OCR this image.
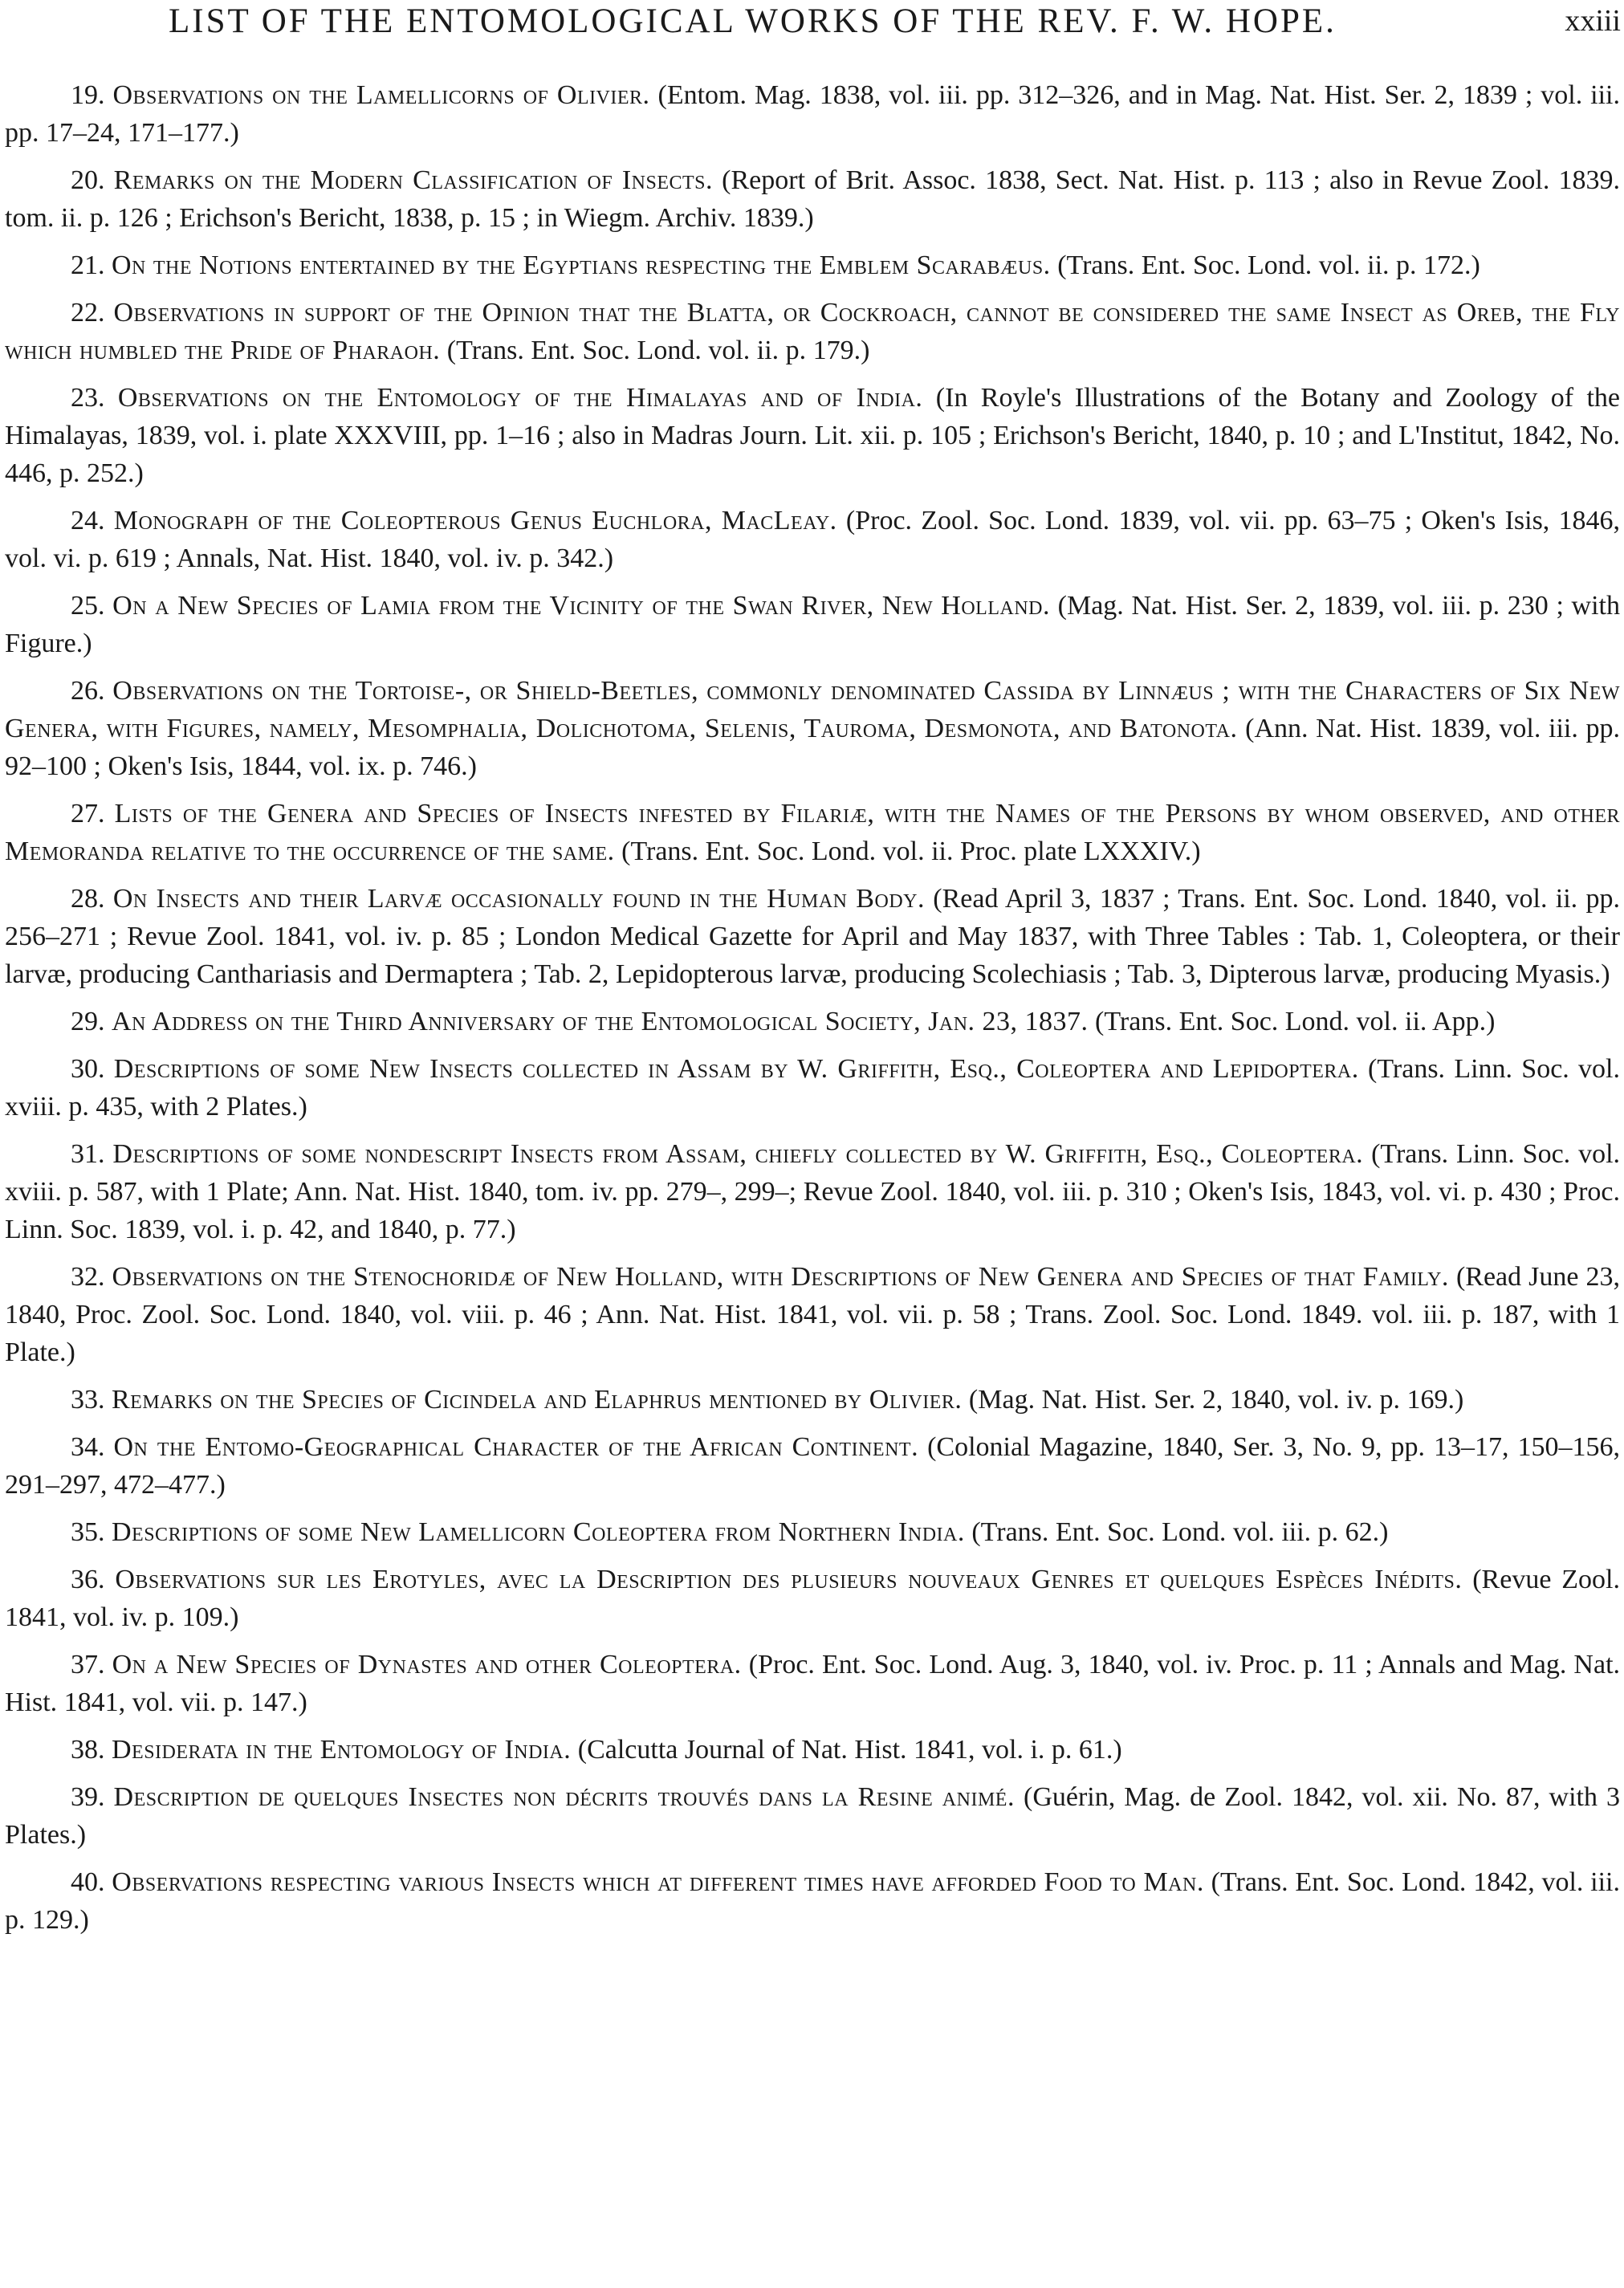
LIST OF THE ENTOMOLOGICAL WORKS OF THE REV. F. W. HOPE.	xxiii

19. Observations on the Lamellicorns of Olivier. (Entom. Mag. 1838, vol. iii. pp. 312–326, and in Mag. Nat. Hist. Ser. 2, 1839 ; vol. iii. pp. 17–24, 171–177.)

20. Remarks on the Modern Classification of Insects. (Report of Brit. Assoc. 1838, Sect. Nat. Hist. p. 113 ; also in Revue Zool. 1839. tom. ii. p. 126 ; Erichson's Bericht, 1838, p. 15 ; in Wiegm. Archiv. 1839.)

21. On the Notions entertained by the Egyptians respecting the Emblem Scarabæus. (Trans. Ent. Soc. Lond. vol. ii. p. 172.)

22. Observations in support of the Opinion that the Blatta, or Cockroach, cannot be considered the same Insect as Oreb, the Fly which humbled the Pride of Pharaoh. (Trans. Ent. Soc. Lond. vol. ii. p. 179.)

23. Observations on the Entomology of the Himalayas and of India. (In Royle's Illustrations of the Botany and Zoology of the Himalayas, 1839, vol. i. plate XXXVIII, pp. 1–16 ; also in Madras Journ. Lit. xii. p. 105 ; Erichson's Bericht, 1840, p. 10 ; and L'Institut, 1842, No. 446, p. 252.)

24. Monograph of the Coleopterous Genus Euchlora, MacLeay. (Proc. Zool. Soc. Lond. 1839, vol. vii. pp. 63–75 ; Oken's Isis, 1846, vol. vi. p. 619 ; Annals, Nat. Hist. 1840, vol. iv. p. 342.)

25. On a New Species of Lamia from the Vicinity of the Swan River, New Holland. (Mag. Nat. Hist. Ser. 2, 1839, vol. iii. p. 230 ; with Figure.)

26. Observations on the Tortoise-, or Shield-Beetles, commonly denominated Cassida by Linnæus ; with the Characters of Six New Genera, with Figures, namely, Mesomphalia, Dolichotoma, Selenis, Tauroma, Desmonota, and Batonota. (Ann. Nat. Hist. 1839, vol. iii. pp. 92–100 ; Oken's Isis, 1844, vol. ix. p. 746.)

27. Lists of the Genera and Species of Insects infested by Filariæ, with the Names of the Persons by whom observed, and other Memoranda relative to the occurrence of the same. (Trans. Ent. Soc. Lond. vol. ii. Proc. plate LXXXIV.)

28. On Insects and their Larvæ occasionally found in the Human Body. (Read April 3, 1837 ; Trans. Ent. Soc. Lond. 1840, vol. ii. pp. 256–271 ; Revue Zool. 1841, vol. iv. p. 85 ; London Medical Gazette for April and May 1837, with Three Tables : Tab. 1, Coleoptera, or their larvæ, producing Canthariasis and Dermaptera ; Tab. 2, Lepidopterous larvæ, producing Scolechiasis ; Tab. 3, Dipterous larvæ, producing Myasis.)

29. An Address on the Third Anniversary of the Entomological Society, Jan. 23, 1837. (Trans. Ent. Soc. Lond. vol. ii. App.)

30. Descriptions of some New Insects collected in Assam by W. Griffith, Esq., Coleoptera and Lepidoptera. (Trans. Linn. Soc. vol. xviii. p. 435, with 2 Plates.)

31. Descriptions of some nondescript Insects from Assam, chiefly collected by W. Griffith, Esq., Coleoptera. (Trans. Linn. Soc. vol. xviii. p. 587, with 1 Plate; Ann. Nat. Hist. 1840, tom. iv. pp. 279–, 299–; Revue Zool. 1840, vol. iii. p. 310 ; Oken's Isis, 1843, vol. vi. p. 430 ; Proc. Linn. Soc. 1839, vol. i. p. 42, and 1840, p. 77.)

32. Observations on the Stenochoridæ of New Holland, with Descriptions of New Genera and Species of that Family. (Read June 23, 1840, Proc. Zool. Soc. Lond. 1840, vol. viii. p. 46 ; Ann. Nat. Hist. 1841, vol. vii. p. 58 ; Trans. Zool. Soc. Lond. 1849. vol. iii. p. 187, with 1 Plate.)

33. Remarks on the Species of Cicindela and Elaphrus mentioned by Olivier. (Mag. Nat. Hist. Ser. 2, 1840, vol. iv. p. 169.)

34. On the Entomo-Geographical Character of the African Continent. (Colonial Magazine, 1840, Ser. 3, No. 9, pp. 13–17, 150–156, 291–297, 472–477.)

35. Descriptions of some New Lamellicorn Coleoptera from Northern India. (Trans. Ent. Soc. Lond. vol. iii. p. 62.)

36. Observations sur les Erotyles, avec la Description des plusieurs nouveaux Genres et quelques Espèces Inédits. (Revue Zool. 1841, vol. iv. p. 109.)

37. On a New Species of Dynastes and other Coleoptera. (Proc. Ent. Soc. Lond. Aug. 3, 1840, vol. iv. Proc. p. 11 ; Annals and Mag. Nat. Hist. 1841, vol. vii. p. 147.)

38. Desiderata in the Entomology of India. (Calcutta Journal of Nat. Hist. 1841, vol. i. p. 61.)

39. Description de quelques Insectes non décrits trouvés dans la Resine animé. (Guérin, Mag. de Zool. 1842, vol. xii. No. 87, with 3 Plates.)

40. Observations respecting various Insects which at different times have afforded Food to Man. (Trans. Ent. Soc. Lond. 1842, vol. iii. p. 129.)
